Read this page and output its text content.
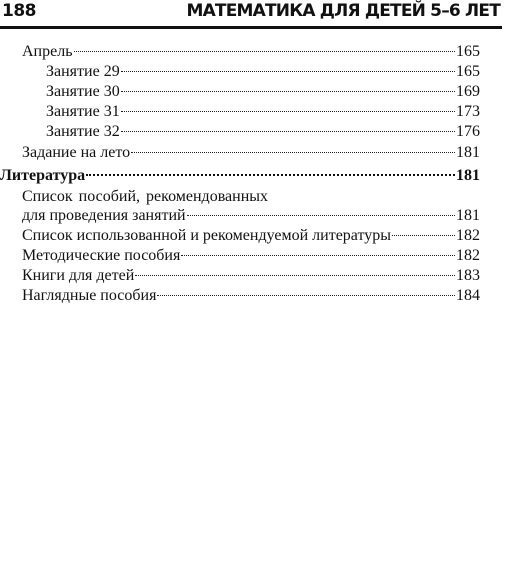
188	МАТЕМАТИКА ДЛЯ ДЕТЕЙ 5–6 ЛЕТ
Апрель	165
Занятие 29	165
Занятие 30	169
Занятие 31	173
Занятие 32	176
Задание на лето	181
Литература	181
Список пособий, рекомендованных
для проведения занятий	181
Список использованной и рекомендуемой литературы	182
Методические пособия	182
Книги для детей	183
Наглядные пособия	184
